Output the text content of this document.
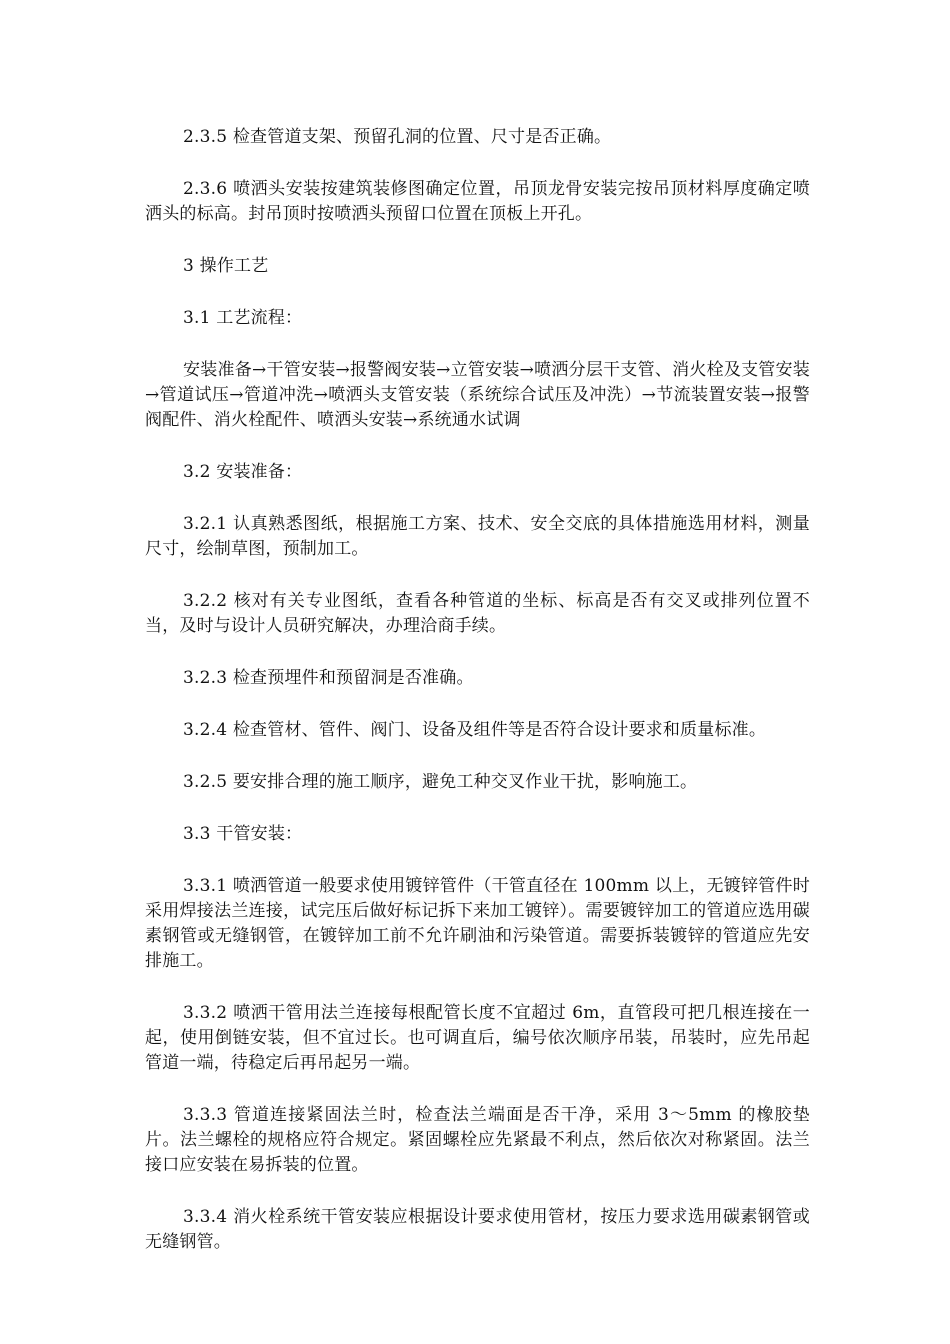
2.3.5 检查管道支架、预留孔洞的位置、尺寸是否正确。

2.3.6 喷洒头安装按建筑装修图确定位置，吊顶龙骨安装完按吊顶材料厚度确定喷洒头的标高。封吊顶时按喷洒头预留口位置在顶板上开孔。

3 操作工艺

3.1 工艺流程：

安装准备→干管安装→报警阀安装→立管安装→喷洒分层干支管、消火栓及支管安装→管道试压→管道冲洗→喷洒头支管安装（系统综合试压及冲洗）→节流装置安装→报警阀配件、消火栓配件、喷洒头安装→系统通水试调

3.2 安装准备：

3.2.1 认真熟悉图纸，根据施工方案、技术、安全交底的具体措施选用材料，测量尺寸，绘制草图，预制加工。

3.2.2 核对有关专业图纸，查看各种管道的坐标、标高是否有交叉或排列位置不当，及时与设计人员研究解决，办理洽商手续。

3.2.3 检查预埋件和预留洞是否准确。

3.2.4 检查管材、管件、阀门、设备及组件等是否符合设计要求和质量标准。

3.2.5 要安排合理的施工顺序，避免工种交叉作业干扰，影响施工。

3.3 干管安装：

3.3.1 喷洒管道一般要求使用镀锌管件（干管直径在 100mm 以上，无镀锌管件时采用焊接法兰连接，试完压后做好标记拆下来加工镀锌）。需要镀锌加工的管道应选用碳素钢管或无缝钢管，在镀锌加工前不允许刷油和污染管道。需要拆装镀锌的管道应先安排施工。

3.3.2 喷洒干管用法兰连接每根配管长度不宜超过 6m，直管段可把几根连接在一起，使用倒链安装，但不宜过长。也可调直后，编号依次顺序吊装，吊装时，应先吊起管道一端，待稳定后再吊起另一端。

3.3.3 管道连接紧固法兰时，检查法兰端面是否干净，采用 3～5mm 的橡胶垫片。法兰螺栓的规格应符合规定。紧固螺栓应先紧最不利点，然后依次对称紧固。法兰接口应安装在易拆装的位置。

3.3.4 消火栓系统干管安装应根据设计要求使用管材，按压力要求选用碳素钢管或无缝钢管。
